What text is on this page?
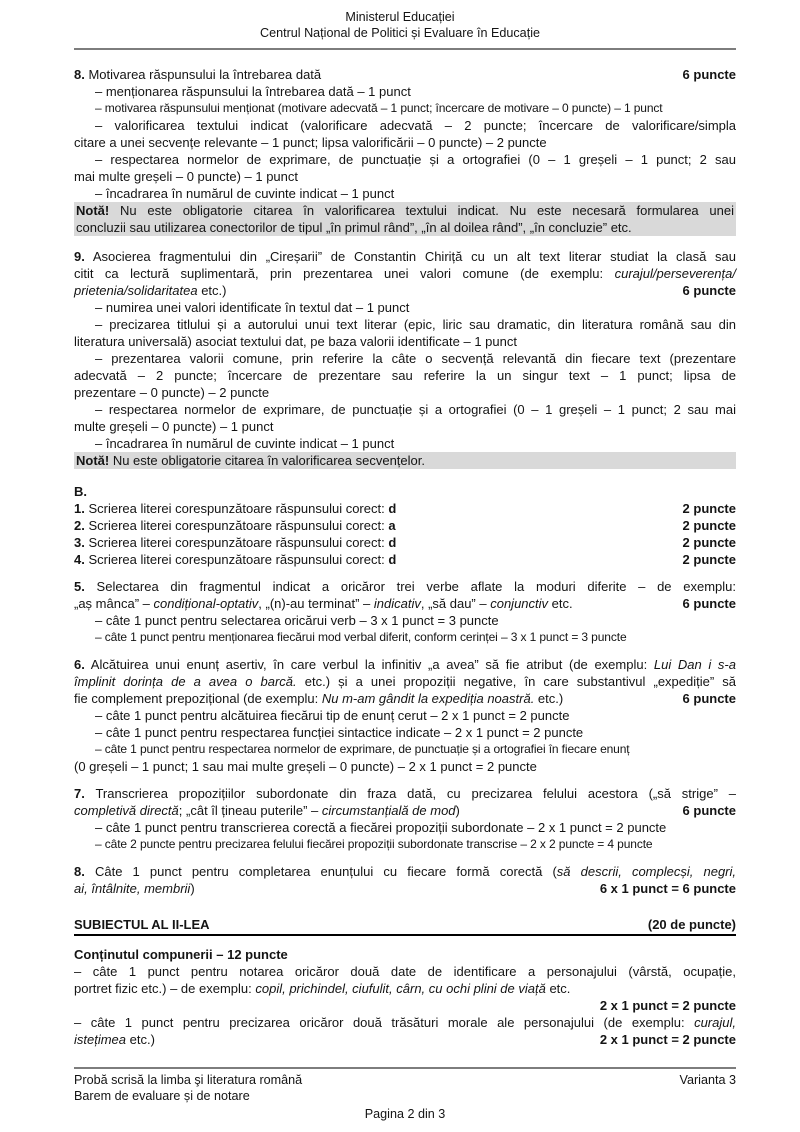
Ministerul Educației
Centrul Național de Politici și Evaluare în Educație
8. Motivarea răspunsului la întrebarea dată	6 puncte
– menționarea răspunsului la întrebarea dată – 1 punct
– motivarea răspunsului menționat (motivare adecvată – 1 punct; încercare de motivare – 0 puncte) – 1 punct
– valorificarea textului indicat (valorificare adecvată – 2 puncte; încercare de valorificare/simpla
citare a unei secvențe relevante – 1 punct; lipsa valorificării – 0 puncte) – 2 puncte
– respectarea normelor de exprimare, de punctuație și a ortografiei (0 – 1 greșeli – 1 punct; 2 sau
mai multe greșeli – 0 puncte) – 1 punct
– încadrarea în numărul de cuvinte indicat – 1 punct
Notă! Nu este obligatorie citarea în valorificarea textului indicat. Nu este necesară formularea unei
concluzii sau utilizarea conectorilor de tipul „în primul rând”, „în al doilea rând”, „în concluzie” etc.
9. Asocierea fragmentului din „Cireșarii” de Constantin Chiriță cu un alt text literar studiat la clasă sau
citit ca lectură suplimentară, prin prezentarea unei valori comune (de exemplu: curajul/perseverența/
prietenia/solidaritatea etc.)	6 puncte
– numirea unei valori identificate în textul dat – 1 punct
– precizarea titlului și a autorului unui text literar (epic, liric sau dramatic, din literatura română sau din
literatura universală) asociat textului dat, pe baza valorii identificate – 1 punct
– prezentarea valorii comune, prin referire la câte o secvență relevantă din fiecare text (prezentare
adecvată – 2 puncte; încercare de prezentare sau referire la un singur text – 1 punct; lipsa de
prezentare – 0 puncte) – 2 puncte
– respectarea normelor de exprimare, de punctuație și a ortografiei (0 – 1 greșeli – 1 punct; 2 sau mai
multe greșeli – 0 puncte) – 1 punct
– încadrarea în numărul de cuvinte indicat – 1 punct
Notă! Nu este obligatorie citarea în valorificarea secvențelor.
B.
1. Scrierea literei corespunzătoare răspunsului corect: d	2 puncte
2. Scrierea literei corespunzătoare răspunsului corect: a	2 puncte
3. Scrierea literei corespunzătoare răspunsului corect: d	2 puncte
4. Scrierea literei corespunzătoare răspunsului corect: d	2 puncte
5. Selectarea din fragmentul indicat a oricăror trei verbe aflate la moduri diferite – de exemplu:
„aș mânca” – condițional-optativ, „(n)-au terminat” – indicativ, „să dau” – conjunctiv etc.	6 puncte
– câte 1 punct pentru selectarea oricărui verb – 3 x 1 punct = 3 puncte
– câte 1 punct pentru menționarea fiecărui mod verbal diferit, conform cerinței – 3 x 1 punct = 3 puncte
6. Alcătuirea unui enunț asertiv, în care verbul la infinitiv „a avea” să fie atribut (de exemplu: Lui Dan i s-a
împlinit dorința de a avea o barcă. etc.) și a unei propoziții negative, în care substantivul „expediție” să
fie complement prepozițional (de exemplu: Nu m-am gândit la expediția noastră. etc.)	6 puncte
– câte 1 punct pentru alcătuirea fiecărui tip de enunț cerut – 2 x 1 punct = 2 puncte
– câte 1 punct pentru respectarea funcției sintactice indicate – 2 x 1 punct = 2 puncte
– câte 1 punct pentru respectarea normelor de exprimare, de punctuație și a ortografiei în fiecare enunț
(0 greșeli – 1 punct; 1 sau mai multe greșeli – 0 puncte) – 2 x 1 punct = 2 puncte
7. Transcrierea propozițiilor subordonate din fraza dată, cu precizarea felului acestora („să strige” –
completivă directă; „cât îl țineau puterile” – circumstanțială de mod)	6 puncte
– câte 1 punct pentru transcrierea corectă a fiecărei propoziții subordonate – 2 x 1 punct = 2 puncte
– câte 2 puncte pentru precizarea felului fiecărei propoziții subordonate transcrise – 2 x 2 puncte = 4 puncte
8. Câte 1 punct pentru completarea enunțului cu fiecare formă corectă (să descrii, complecși, negri,
ai, întâlnite, membrii)	6 x 1 punct = 6 puncte
SUBIECTUL AL II-LEA	(20 de puncte)
Conținutul compunerii – 12 puncte
– câte 1 punct pentru notarea oricăror două date de identificare a personajului (vârstă, ocupație,
portret fizic etc.) – de exemplu: copil, prichindel, ciufulit, cârn, cu ochi plini de viață etc.
2 x 1 punct = 2 puncte
– câte 1 punct pentru precizarea oricăror două trăsături morale ale personajului (de exemplu: curajul,
istețimea etc.)	2 x 1 punct = 2 puncte
Probă scrisă la limba şi literatura română	Varianta 3
Barem de evaluare și de notare
Pagina 2 din 3
